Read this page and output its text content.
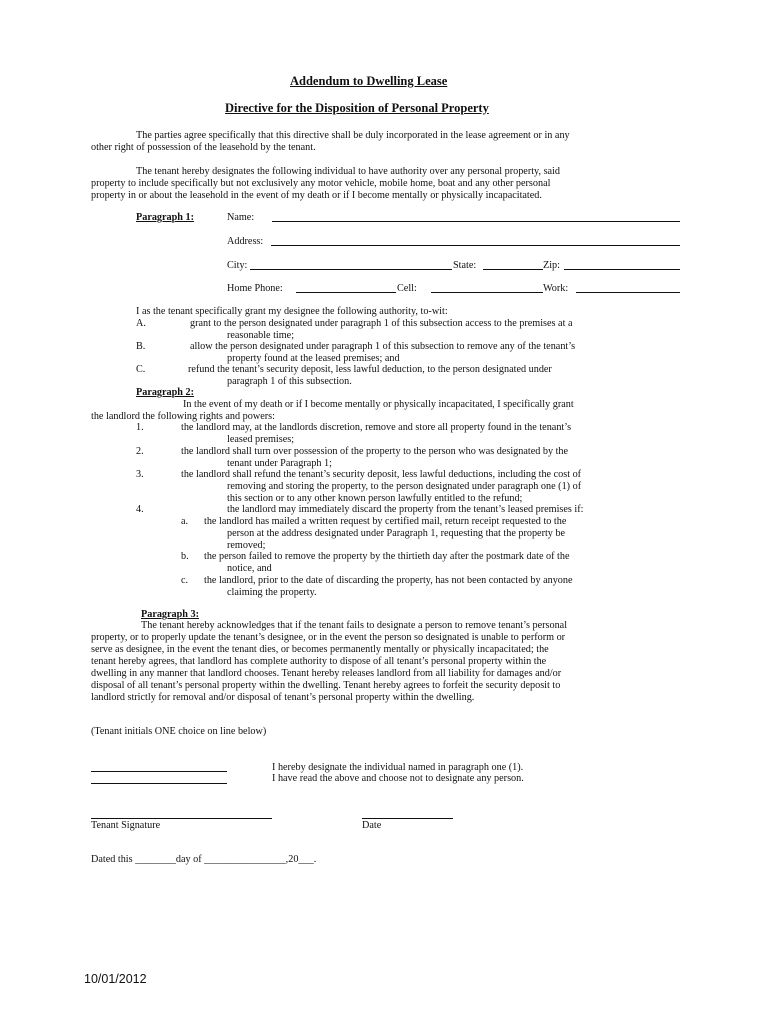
Addendum to Dwelling Lease
Directive for the Disposition of Personal Property
The parties agree specifically that this directive shall be duly incorporated in the lease agreement or in any
other right of possession of the leasehold by the tenant.
The tenant hereby designates the following individual to have authority over any personal property, said
property to include specifically but not exclusively any motor vehicle, mobile home, boat and any other personal
property in or about the leasehold in the event of my death or if I become mentally or physically incapacitated.
Paragraph 1:	Name:
Address:
City:	State:	Zip:
Home Phone:	Cell:	Work:
I as the tenant specifically grant my designee the following authority, to-wit:
A.	grant to the person designated under paragraph 1 of this subsection access to the premises at a
reasonable time;
B.	allow the person designated under paragraph 1 of this subsection to remove any of the tenant’s
property found at the leased premises; and
C.	refund the tenant’s security deposit, less lawful deduction, to the person designated under
paragraph 1 of this subsection.
Paragraph 2:
In the event of my death or if I become mentally or physically incapacitated, I specifically grant
the landlord the following rights and powers:
1.	the landlord may, at the landlords discretion, remove and store all property found in the tenant’s
leased premises;
2.	the landlord shall turn over possession of the property to the person who was designated by the
tenant under Paragraph 1;
3.	the landlord shall refund the tenant’s security deposit, less lawful deductions, including the cost of
removing and storing the property, to the person designated under paragraph one (1) of
this section or to any other known person lawfully entitled to the refund;
4.	the landlord may immediately discard the property from the tenant’s leased premises if:
a. the landlord has mailed a written request by certified mail, return receipt requested to the
person at the address designated under Paragraph 1, requesting that the property be
removed;
b. the person failed to remove the property by the thirtieth day after the postmark date of the
notice, and
c. the landlord, prior to the date of discarding the property, has not been contacted by anyone
claiming the property.
Paragraph 3:
The tenant hereby acknowledges that if the tenant fails to designate a person to remove tenant’s personal
property, or to properly update the tenant’s designee, or in the event the person so designated is unable to perform or
serve as designee, in the event the tenant dies, or becomes permanently mentally or physically incapacitated; the
tenant hereby agrees, that landlord has complete authority to dispose of all tenant’s personal property within the
dwelling in any manner that landlord chooses. Tenant hereby releases landlord from all liability for damages and/or
disposal of all tenant’s personal property within the dwelling. Tenant hereby agrees to forfeit the security deposit to
landlord strictly for removal and/or disposal of tenant’s personal property within the dwelling.
(Tenant initials ONE choice on line below)
I hereby designate the individual named in paragraph one (1).
I have read the above and choose not to designate any person.
Tenant Signature	Date
Dated this ________day of ________________,20___.
10/01/2012
